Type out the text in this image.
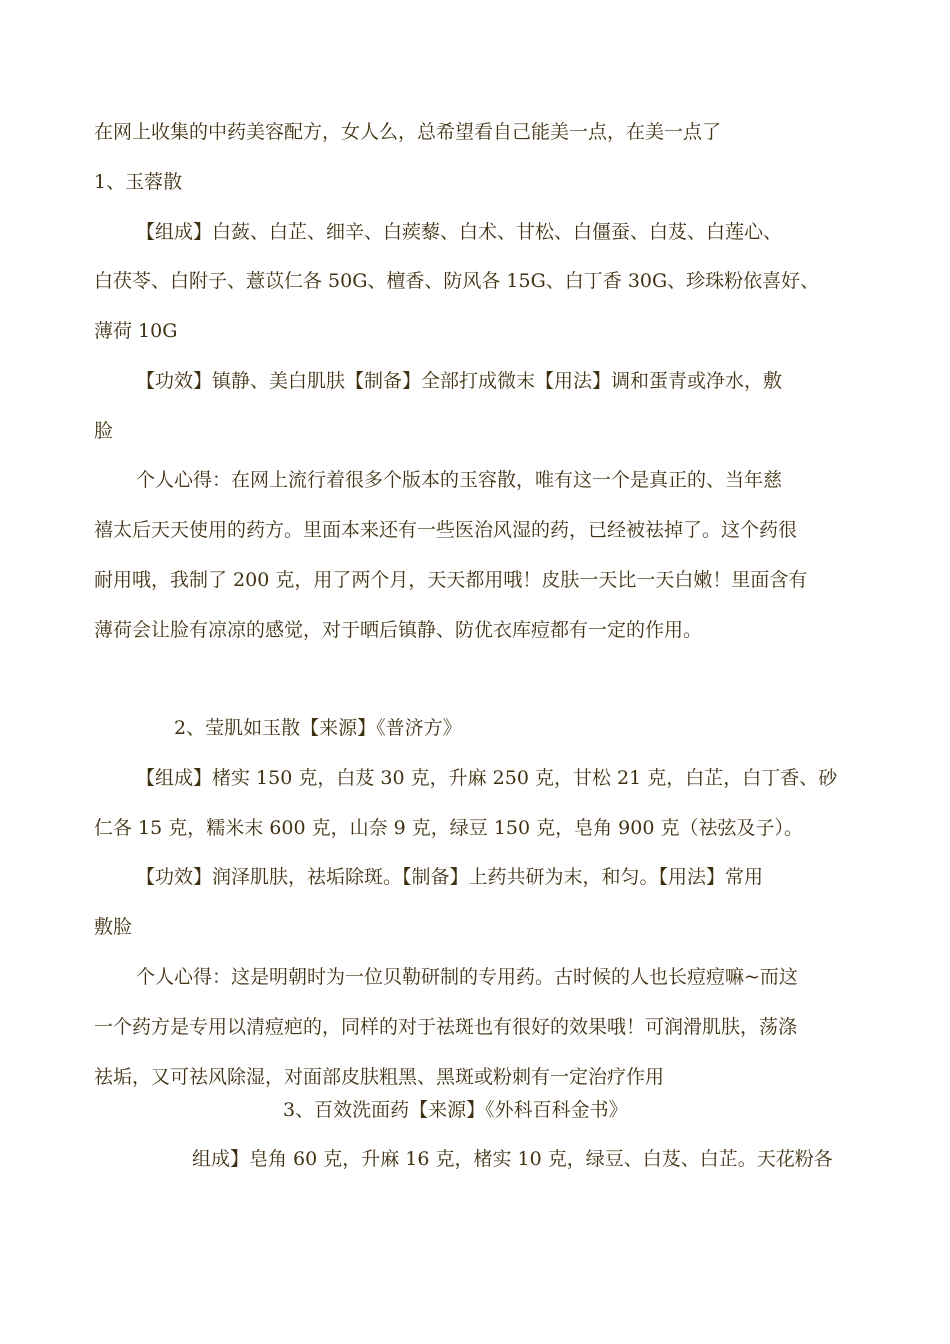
在网上收集的中药美容配方，女人么，总希望看自己能美一点，在美一点了
1、玉蓉散
【组成】白蔹、白芷、细辛、白蒺藜、白术、甘松、白僵蚕、白芨、白莲心、
白茯苓、白附子、薏苡仁各 50G、檀香、防风各 15G、白丁香 30G、珍珠粉依喜好、
薄荷 10G
【功效】镇静、美白肌肤【制备】全部打成微末【用法】调和蛋青或净水，敷
脸
个人心得：在网上流行着很多个版本的玉容散，唯有这一个是真正的、当年慈
禧太后天天使用的药方。里面本来还有一些医治风湿的药，已经被祛掉了。这个药很
耐用哦，我制了 200 克，用了两个月，天天都用哦！皮肤一天比一天白嫩！里面含有
薄荷会让脸有凉凉的感觉，对于晒后镇静、防优衣库痘都有一定的作用。
2、莹肌如玉散【来源】《普济方》
【组成】楮实 150 克，白芨 30 克，升麻 250 克，甘松 21 克，白芷，白丁香、砂
仁各 15 克，糯米末 600 克，山奈 9 克，绿豆 150 克，皂角 900 克（祛弦及子）。
【功效】润泽肌肤，祛垢除斑。【制备】上药共研为末，和匀。【用法】常用
敷脸
个人心得：这是明朝时为一位贝勒研制的专用药。古时候的人也长痘痘嘛~而这
一个药方是专用以清痘疤的，同样的对于祛斑也有很好的效果哦！可润滑肌肤，荡涤
祛垢，又可祛风除湿，对面部皮肤粗黑、黑斑或粉刺有一定治疗作用
3、百效洗面药【来源】《外科百科金书》
组成】皂角 60 克，升麻 16 克，楮实 10 克，绿豆、白芨、白芷。天花粉各
